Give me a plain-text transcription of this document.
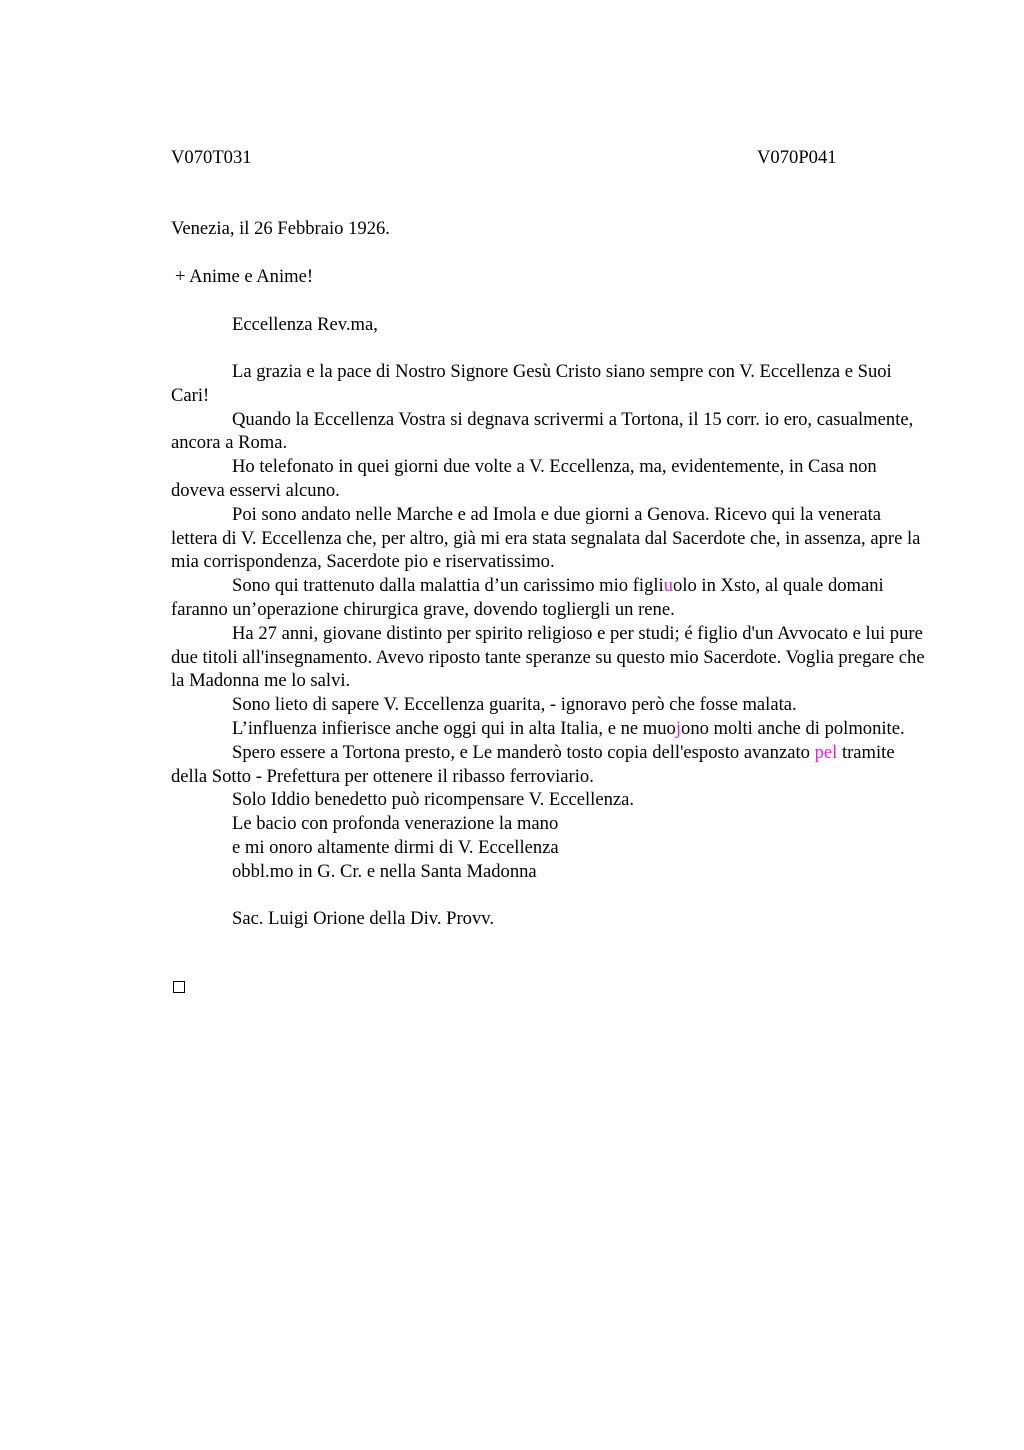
V070T031	V070P041
Venezia, il 26 Febbraio 1926.
+ Anime e Anime!
Eccellenza Rev.ma,

La grazia e la pace di Nostro Signore Gesù Cristo siano sempre con V. Eccellenza e Suoi Cari!

Quando la Eccellenza Vostra si degnava scrivermi a Tortona, il 15 corr. io ero, casualmente, ancora a Roma.

Ho telefonato in quei giorni due volte a V. Eccellenza, ma, evidentemente, in Casa non doveva esservi alcuno.

Poi sono andato nelle Marche e ad Imola e due giorni a Genova. Ricevo qui la venerata lettera di V. Eccellenza che, per altro, già mi era stata segnalata dal Sacerdote che, in assenza, apre la mia corrispondenza, Sacerdote pio e riservatissimo.

Sono qui trattenuto dalla malattia d’un carissimo mio figliuolo in Xsto, al quale domani faranno un’operazione chirurgica grave, dovendo togliergli un rene.

Ha 27 anni, giovane distinto per spirito religioso e per studi; é figlio d'un Avvocato e lui pure due titoli all'insegnamento. Avevo riposto tante speranze su questo mio Sacerdote. Voglia pregare che la Madonna me lo salvi.

Sono lieto di sapere V. Eccellenza guarita, - ignoravo però che fosse malata.

L’influenza infierisce anche oggi qui in alta Italia, e ne muojono molti anche di polmonite.

Spero essere a Tortona presto, e Le manderò tosto copia dell'esposto avanzato pel tramite della Sotto - Prefettura per ottenere il ribasso ferroviario.

Solo Iddio benedetto può ricompensare V. Eccellenza.

Le bacio con profonda venerazione la mano

e mi onoro altamente dirmi di V. Eccellenza

obbl.mo in G. Cr. e nella Santa Madonna

Sac. Luigi Orione della Div. Provv.
